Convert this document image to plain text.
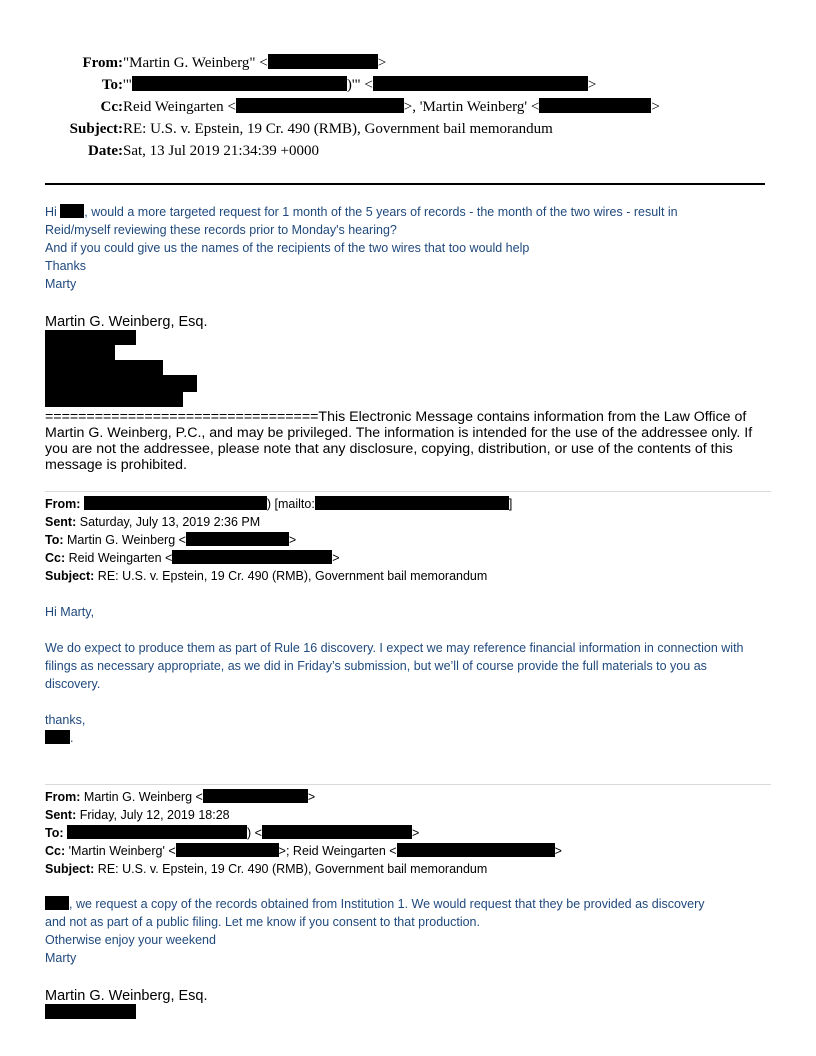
From: "Martin G. Weinberg" <	>
To: '"	)'" <	>
Cc: Reid Weingarten <	>, 'Martin Weinberg' <	>
Subject: RE: U.S. v. Epstein, 19 Cr. 490 (RMB), Government bail memorandum
Date: Sat, 13 Jul 2019 21:34:39 +0000
Hi , would a more targeted request for 1 month of the 5 years of records - the month of the two wires - result in
Reid/myself reviewing these records prior to Monday's hearing?
And if you could give us the names of the recipients of the two wires that too would help
Thanks
Marty
Martin G. Weinberg, Esq.
=================================This Electronic Message contains information from the Law Office of Martin G. Weinberg, P.C., and may be privileged. The information is intended for the use of the addressee only. If you are not the addressee, please note that any disclosure, copying, distribution, or use of the contents of this message is prohibited.
From:	) [mailto:	]
Sent: Saturday, July 13, 2019 2:36 PM
To: Martin G. Weinberg <	>
Cc: Reid Weingarten <	>
Subject: RE: U.S. v. Epstein, 19 Cr. 490 (RMB), Government bail memorandum
Hi Marty,
We do expect to produce them as part of Rule 16 discovery. I expect we may reference financial information in connection with filings as necessary appropriate, as we did in Friday’s submission, but we’ll of course provide the full materials to you as discovery.
thanks,
.
From: Martin G. Weinberg <	>
Sent: Friday, July 12, 2019 18:28
To:	) <	>
Cc: 'Martin Weinberg' <	>; Reid Weingarten <	>
Subject: RE: U.S. v. Epstein, 19 Cr. 490 (RMB), Government bail memorandum
, we request a copy of the records obtained from Institution 1. We would request that they be provided as discovery
and not as part of a public filing. Let me know if you consent to that production.
Otherwise enjoy your weekend
Marty
Martin G. Weinberg, Esq.
